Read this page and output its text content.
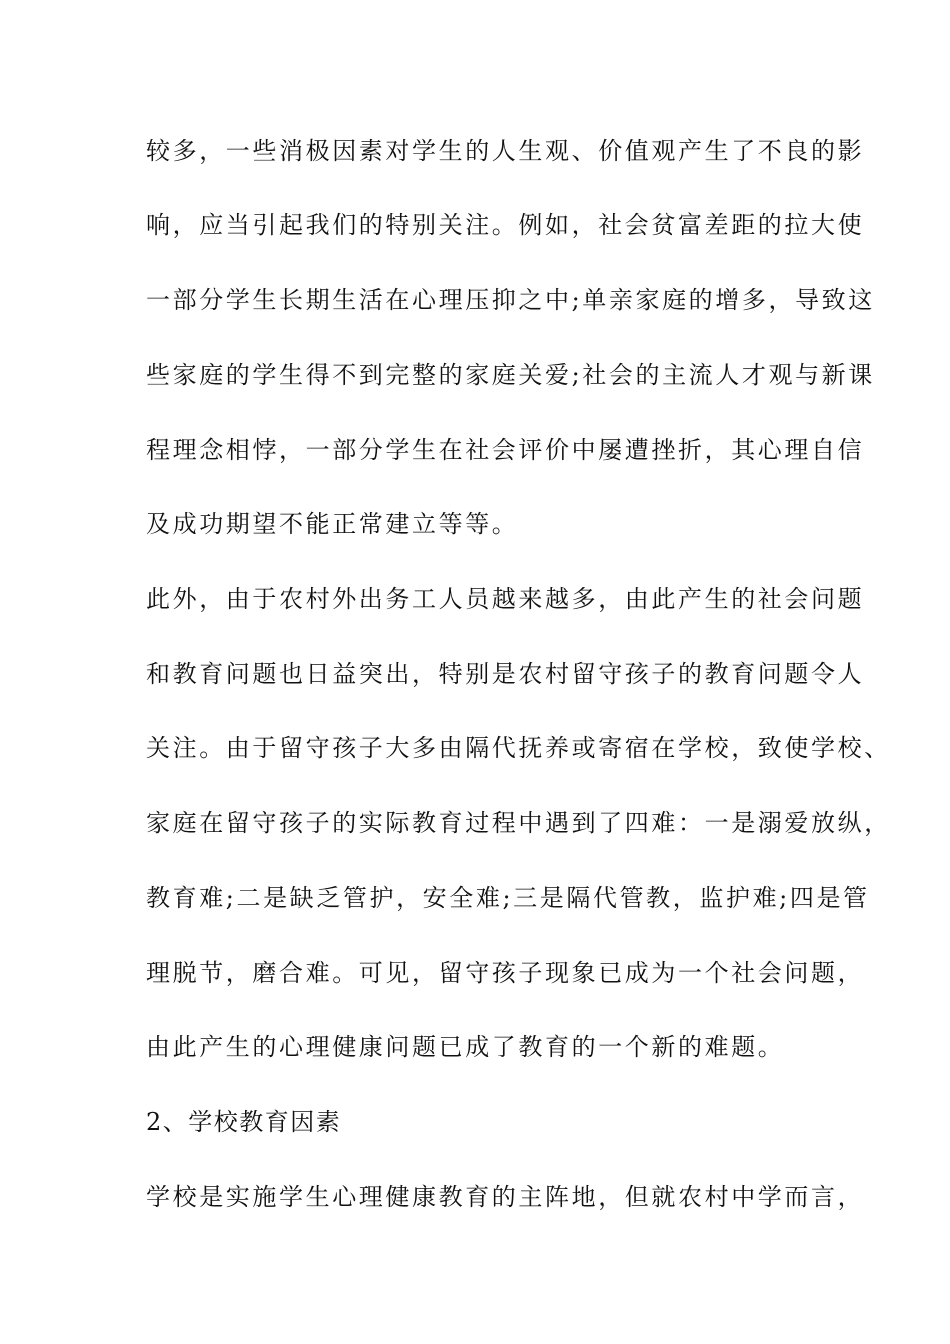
较多，一些消极因素对学生的人生观、价值观产生了不良的影
响，应当引起我们的特别关注。例如，社会贫富差距的拉大使
一部分学生长期生活在心理压抑之中;单亲家庭的增多，导致这
些家庭的学生得不到完整的家庭关爱;社会的主流人才观与新课
程理念相悖，一部分学生在社会评价中屡遭挫折，其心理自信
及成功期望不能正常建立等等。
此外，由于农村外出务工人员越来越多，由此产生的社会问题
和教育问题也日益突出，特别是农村留守孩子的教育问题令人
关注。由于留守孩子大多由隔代抚养或寄宿在学校，致使学校、
家庭在留守孩子的实际教育过程中遇到了四难：一是溺爱放纵，
教育难;二是缺乏管护，安全难;三是隔代管教，监护难;四是管
理脱节，磨合难。可见，留守孩子现象已成为一个社会问题，
由此产生的心理健康问题已成了教育的一个新的难题。
2、学校教育因素
学校是实施学生心理健康教育的主阵地，但就农村中学而言，
